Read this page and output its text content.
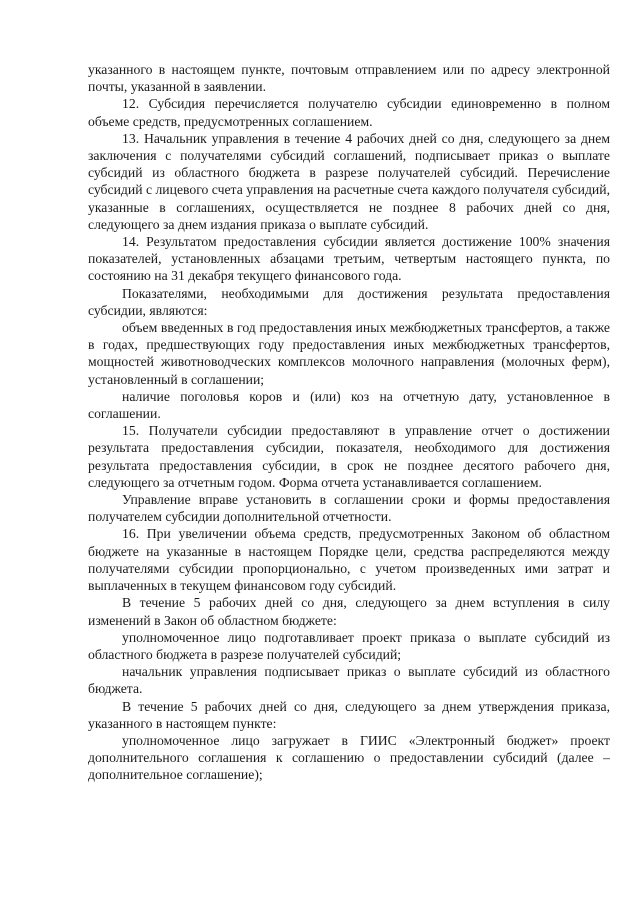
указанного в настоящем пункте, почтовым отправлением или по адресу электронной почты, указанной в заявлении.

12. Субсидия перечисляется получателю субсидии единовременно в полном объеме средств, предусмотренных соглашением.

13. Начальник управления в течение 4 рабочих дней со дня, следующего за днем заключения с получателями субсидий соглашений, подписывает приказ о выплате субсидий из областного бюджета в разрезе получателей субсидий. Перечисление субсидий с лицевого счета управления на расчетные счета каждого получателя субсидий, указанные в соглашениях, осуществляется не позднее 8 рабочих дней со дня, следующего за днем издания приказа о выплате субсидий.

14. Результатом предоставления субсидии является достижение 100% значения показателей, установленных абзацами третьим, четвертым настоящего пункта, по состоянию на 31 декабря текущего финансового года.

Показателями, необходимыми для достижения результата предоставления субсидии, являются:

объем введенных в год предоставления иных межбюджетных трансфертов, а также в годах, предшествующих году предоставления иных межбюджетных трансфертов, мощностей животноводческих комплексов молочного направления (молочных ферм), установленный в соглашении;

наличие поголовья коров и (или) коз на отчетную дату, установленное в соглашении.

15. Получатели субсидии предоставляют в управление отчет о достижении результата предоставления субсидии, показателя, необходимого для достижения результата предоставления субсидии, в срок не позднее десятого рабочего дня, следующего за отчетным годом. Форма отчета устанавливается соглашением.

Управление вправе установить в соглашении сроки и формы предоставления получателем субсидии дополнительной отчетности.

16. При увеличении объема средств, предусмотренных Законом об областном бюджете на указанные в настоящем Порядке цели, средства распределяются между получателями субсидии пропорционально, с учетом произведенных ими затрат и выплаченных в текущем финансовом году субсидий.

В течение 5 рабочих дней со дня, следующего за днем вступления в силу изменений в Закон об областном бюджете:

уполномоченное лицо подготавливает проект приказа о выплате субсидий из областного бюджета в разрезе получателей субсидий;

начальник управления подписывает приказ о выплате субсидий из областного бюджета.

В течение 5 рабочих дней со дня, следующего за днем утверждения приказа, указанного в настоящем пункте:

уполномоченное лицо загружает в ГИИС «Электронный бюджет» проект дополнительного соглашения к соглашению о предоставлении субсидий (далее – дополнительное соглашение);
